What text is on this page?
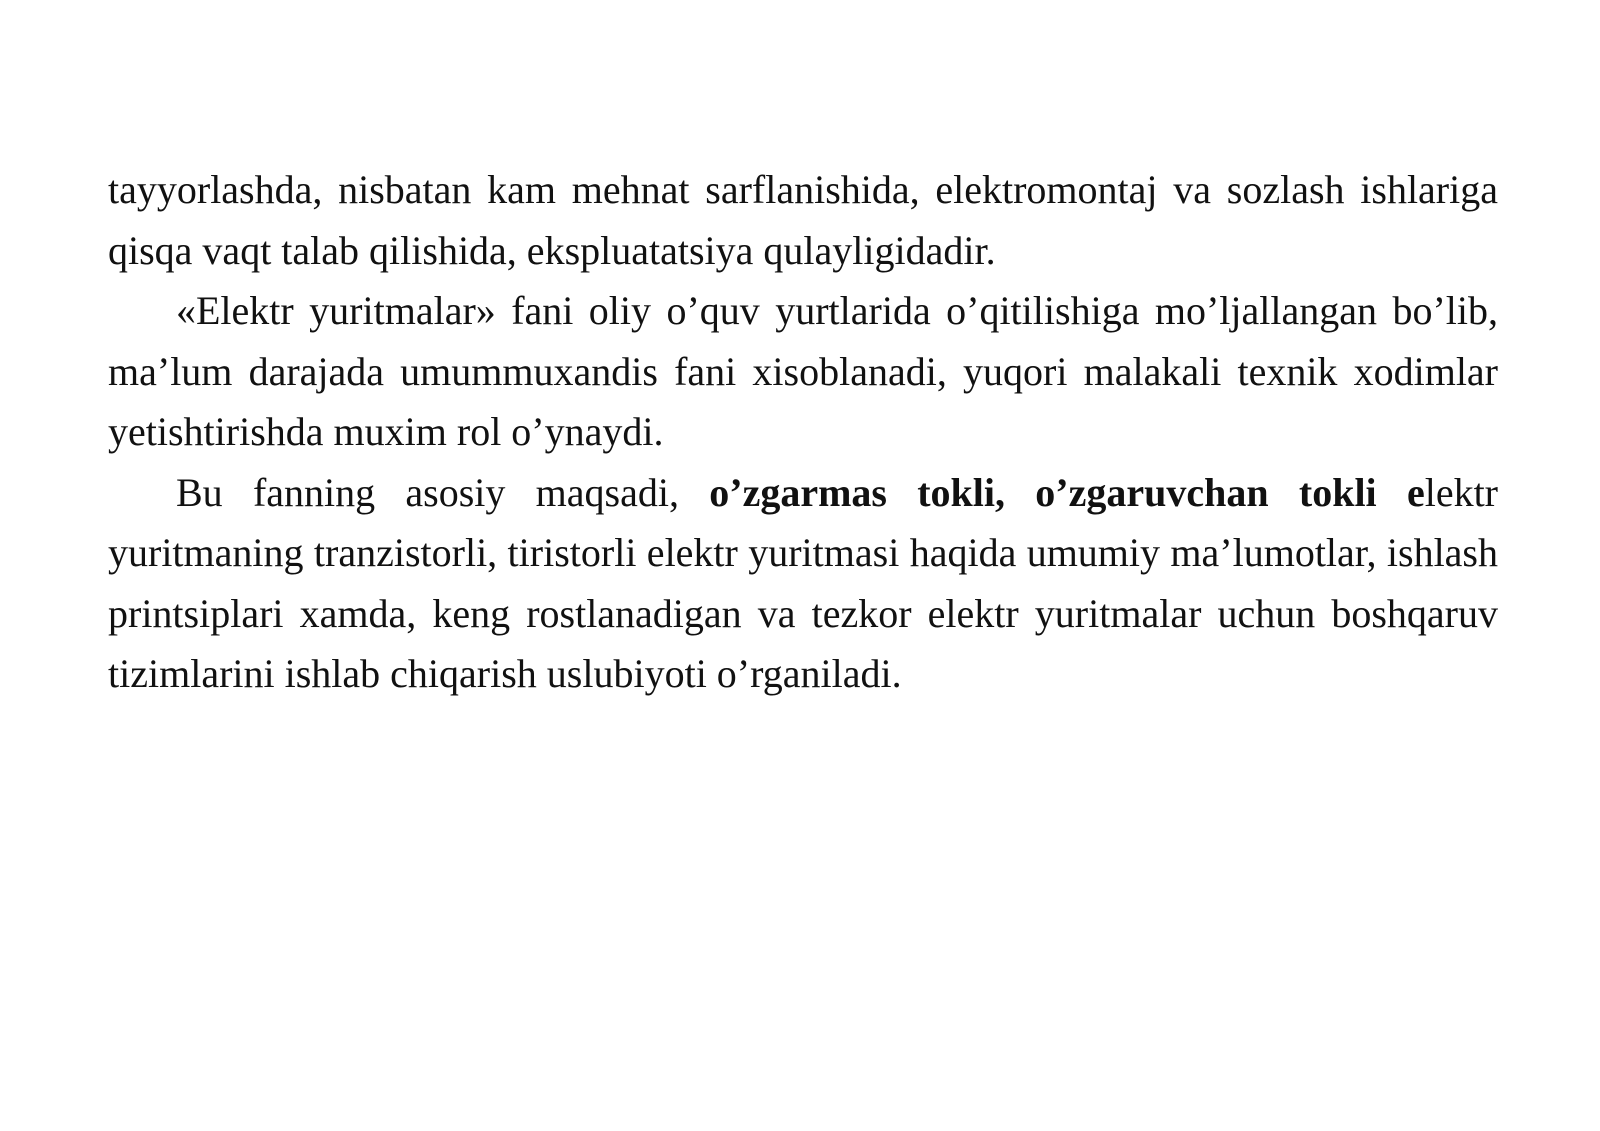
tayyorlashda, nisbatan kam mehnat sarflanishida, elektromontaj va sozlash ishlariga qisqa vaqt talab qilishida, ekspluatatsiya qulayligidadir.

«Elektr yuritmalar» fani oliy o’quv yurtlarida o’qitilishiga mo’ljallangan bo’lib, ma’lum darajada umummuxandis fani xisoblanadi, yuqori malakali texnik xodimlar yetishtirishda muxim rol o’ynaydi.

Bu fanning asosiy maqsadi, o’zgarmas tokli, o’zgaruvchan tokli elektr yuritmaning tranzistorli, tiristorli elektr yuritmasi haqida umumiy ma’lumotlar, ishlash printsiplari xamda, keng rostlanadigan va tezkor elektr yuritmalar uchun boshqaruv tizimlarini ishlab chiqarish uslubiyoti o’rganiladi.
